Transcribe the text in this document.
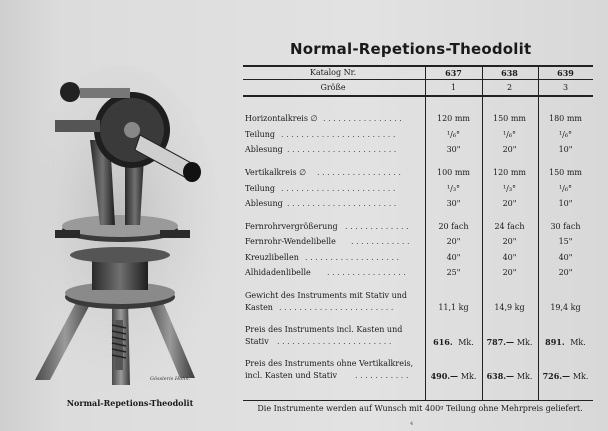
Gössleris Hohn.
Normal-Repetions-Theodolit
Normal-Repetions-Theodolit
Katalog Nr.	637	638	639
Größe	1	2	3
Horizontalkreis ∅ . . . . . . . . . . . . . . . .	120 mm	150 mm	180 mm
Teilung . . . . . . . . . . . . . . . . . . . . . . .	¹/₆°	¹/₆°	¹/₆°
Ablesung . . . . . . . . . . . . . . . . . . . . . .	30"	20"	10"
Vertikalkreis ∅ . . . . . . . . . . . . . . . . .	100 mm	120 mm	150 mm
Teilung . . . . . . . . . . . . . . . . . . . . . . .	¹/₃°	¹/₃°	¹/₆°
Ablesung . . . . . . . . . . . . . . . . . . . . . .	30"	20"	10"
Fernrohrvergrößerung . . . . . . . . . . . . .	20 fach	24 fach	30 fach
Fernrohr-Wendelibelle . . . . . . . . . . . .	20"	20"	15"
Kreuzlibellen . . . . . . . . . . . . . . . . . . .	40"	40"	40"
Alhidadenlibelle . . . . . . . . . . . . . . . .	25"	20"	20"
Gewicht des Instruments mit Stativ und
Kasten . . . . . . . . . . . . . . . . . . . . . . .	11,1 kg	14,9 kg	19,4 kg
Preis des Instruments incl. Kasten und
Stativ . . . . . . . . . . . . . . . . . . . . . . .	616. Mk.	787.— Mk.	891. Mk.
Preis des Instruments ohne Vertikalkreis,
incl. Kasten und Stativ . . . . . . . . . . .	490.— Mk.	638.— Mk.	726.— Mk.
Die Instrumente werden auf Wunsch mit 400ᵍ Teilung ohne Mehrpreis geliefert.
4
